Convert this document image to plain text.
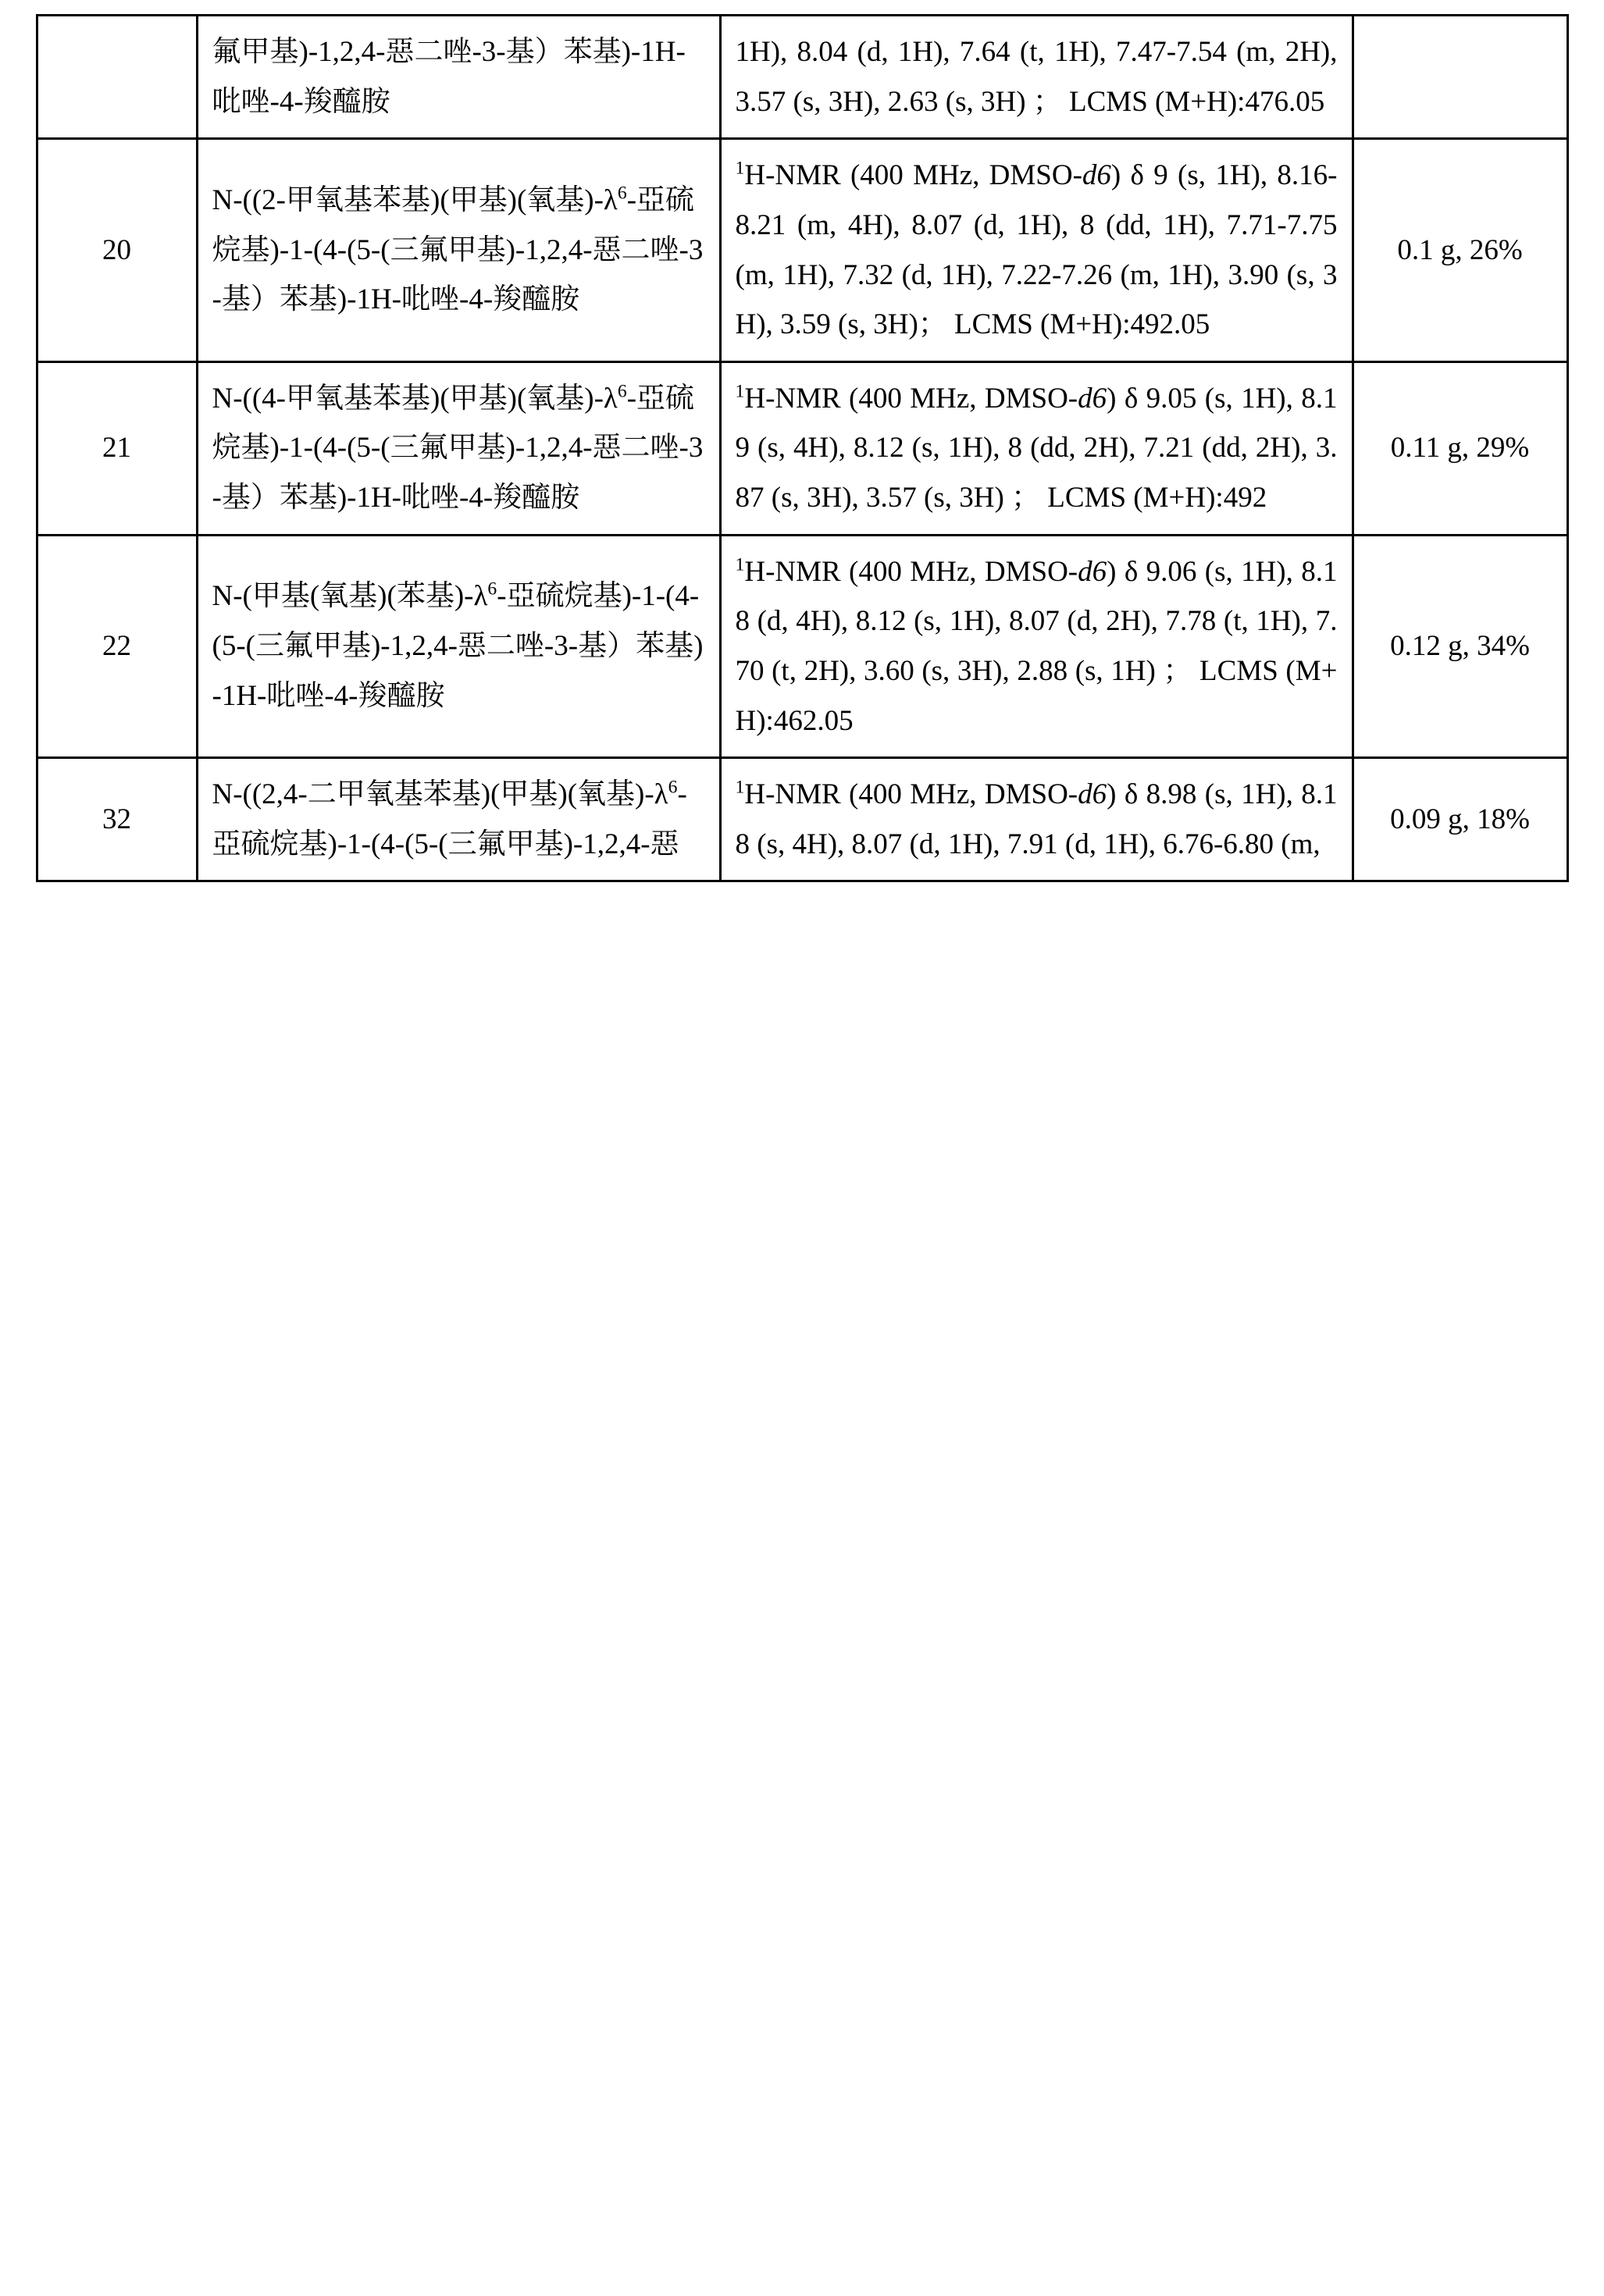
	氟甲基)-1,2,4-惡二唑-3-基）苯基)-1H-吡唑-4-羧醯胺	1H), 8.04 (d, 1H), 7.64 (t, 1H), 7.47-7.54 (m, 2H), 3.57 (s, 3H), 2.63 (s, 3H) ； LCMS (M+H):476.05	

20	N-((2-甲氧基苯基)(甲基)(氧基)$-\lambda^6-$亞硫烷基)-1-(4-(5-(三氟甲基)-1,2,4-惡二唑-3-基）苯基)-1H-吡唑-4-羧醯胺	$^1$H-NMR (400 MHz, DMSO-d6) δ 9 (s, 1H), 8.16-8.21 (m, 4H), 8.07 (d, 1H), 8 (dd, 1H), 7.71-7.75 (m, 1H), 7.32 (d, 1H), 7.22-7.26 (m, 1H), 3.90 (s, 3H), 3.59 (s, 3H)； LCMS (M+H):492.05	0.1 g, 26%

21	N-((4-甲氧基苯基)(甲基)(氧基)$-\lambda^6-$亞硫烷基)-1-(4-(5-(三氟甲基)-1,2,4-惡二唑-3-基）苯基)-1H-吡唑-4-羧醯胺	$^1$H-NMR (400 MHz, DMSO-d6) δ 9.05 (s, 1H), 8.19 (s, 4H), 8.12 (s, 1H), 8 (dd, 2H), 7.21 (dd, 2H), 3.87 (s, 3H), 3.57 (s, 3H) ； LCMS (M+H):492	0.11 g, 29%

22	N-(甲基(氧基)(苯基)$-\lambda^6-$亞硫烷基)-1-(4-(5-(三氟甲基)-1,2,4-惡二唑-3-基）苯基)-1H-吡唑-4-羧醯胺	$^1$H-NMR (400 MHz, DMSO-d6) δ 9.06 (s, 1H), 8.18 (d, 4H), 8.12 (s, 1H), 8.07 (d, 2H), 7.78 (t, 1H), 7.70 (t, 2H), 3.60 (s, 3H), 2.88 (s, 1H) ； LCMS (M+H):462.05	0.12 g, 34%

32	N-((2,4-二甲氧基苯基)(甲基)(氧基)$-\lambda^6-$亞硫烷基)-1-(4-(5-(三氟甲基)-1,2,4-惡	$^1$H-NMR (400 MHz, DMSO-d6) δ 8.98 (s, 1H), 8.18 (s, 4H), 8.07 (d, 1H), 7.91 (d, 1H), 6.76-6.80 (m,	0.09 g, 18%
